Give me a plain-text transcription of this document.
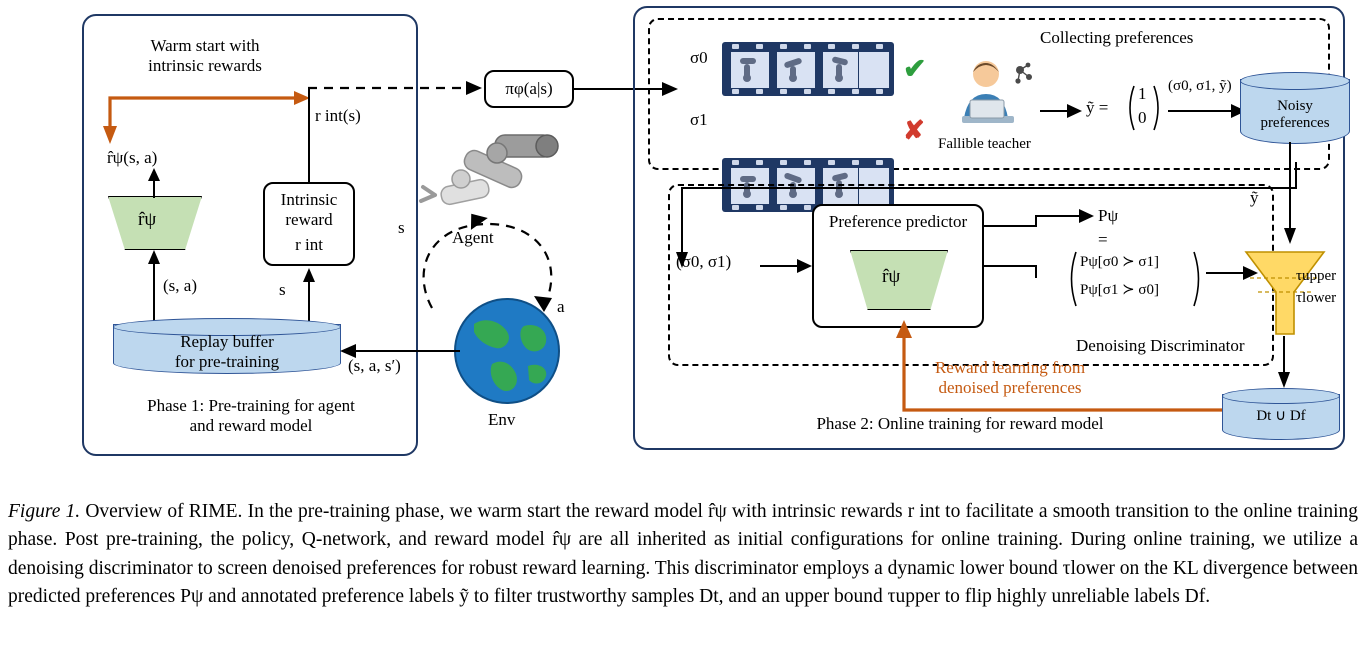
Warm start with
intrinsic rewards
r̂ψ(s, a)
r̂ψ
(s, a)
Intrinsic
reward
r int
r int(s)
s
Replay buffer
for pre-training
Phase 1: Pre-training for agent
and reward model
πφ(a|s)
Agent
s
a
Env
(s, a, s′)
Collecting preferences
σ0
σ1
✔
✘ Fallible teacher
ỹ =
1
0
(σ0, σ1, ỹ)
Noisy
preferences
ỹ
Denoising Discriminator
(σ0, σ1)
Preference predictor
r̂ψ
Pψ
=
Pψ[σ0 ≻ σ1]
Pψ[σ1 ≻ σ0]
τupper
τlower
Dt ∪ Df
Reward learning from
denoised preferences
Phase 2: Online training for reward model
Figure 1. Overview of RIME. In the pre-training phase, we warm start the reward model r̂ψ with intrinsic rewards r int to facilitate a smooth transition to the online training phase. Post pre-training, the policy, Q-network, and reward model r̂ψ are all inherited as initial configurations for online training. During online training, we utilize a denoising discriminator to screen denoised preferences for robust reward learning. This discriminator employs a dynamic lower bound τlower on the KL divergence between predicted preferences Pψ and annotated preference labels ỹ to filter trustworthy samples Dt, and an upper bound τupper to flip highly unreliable labels Df.
